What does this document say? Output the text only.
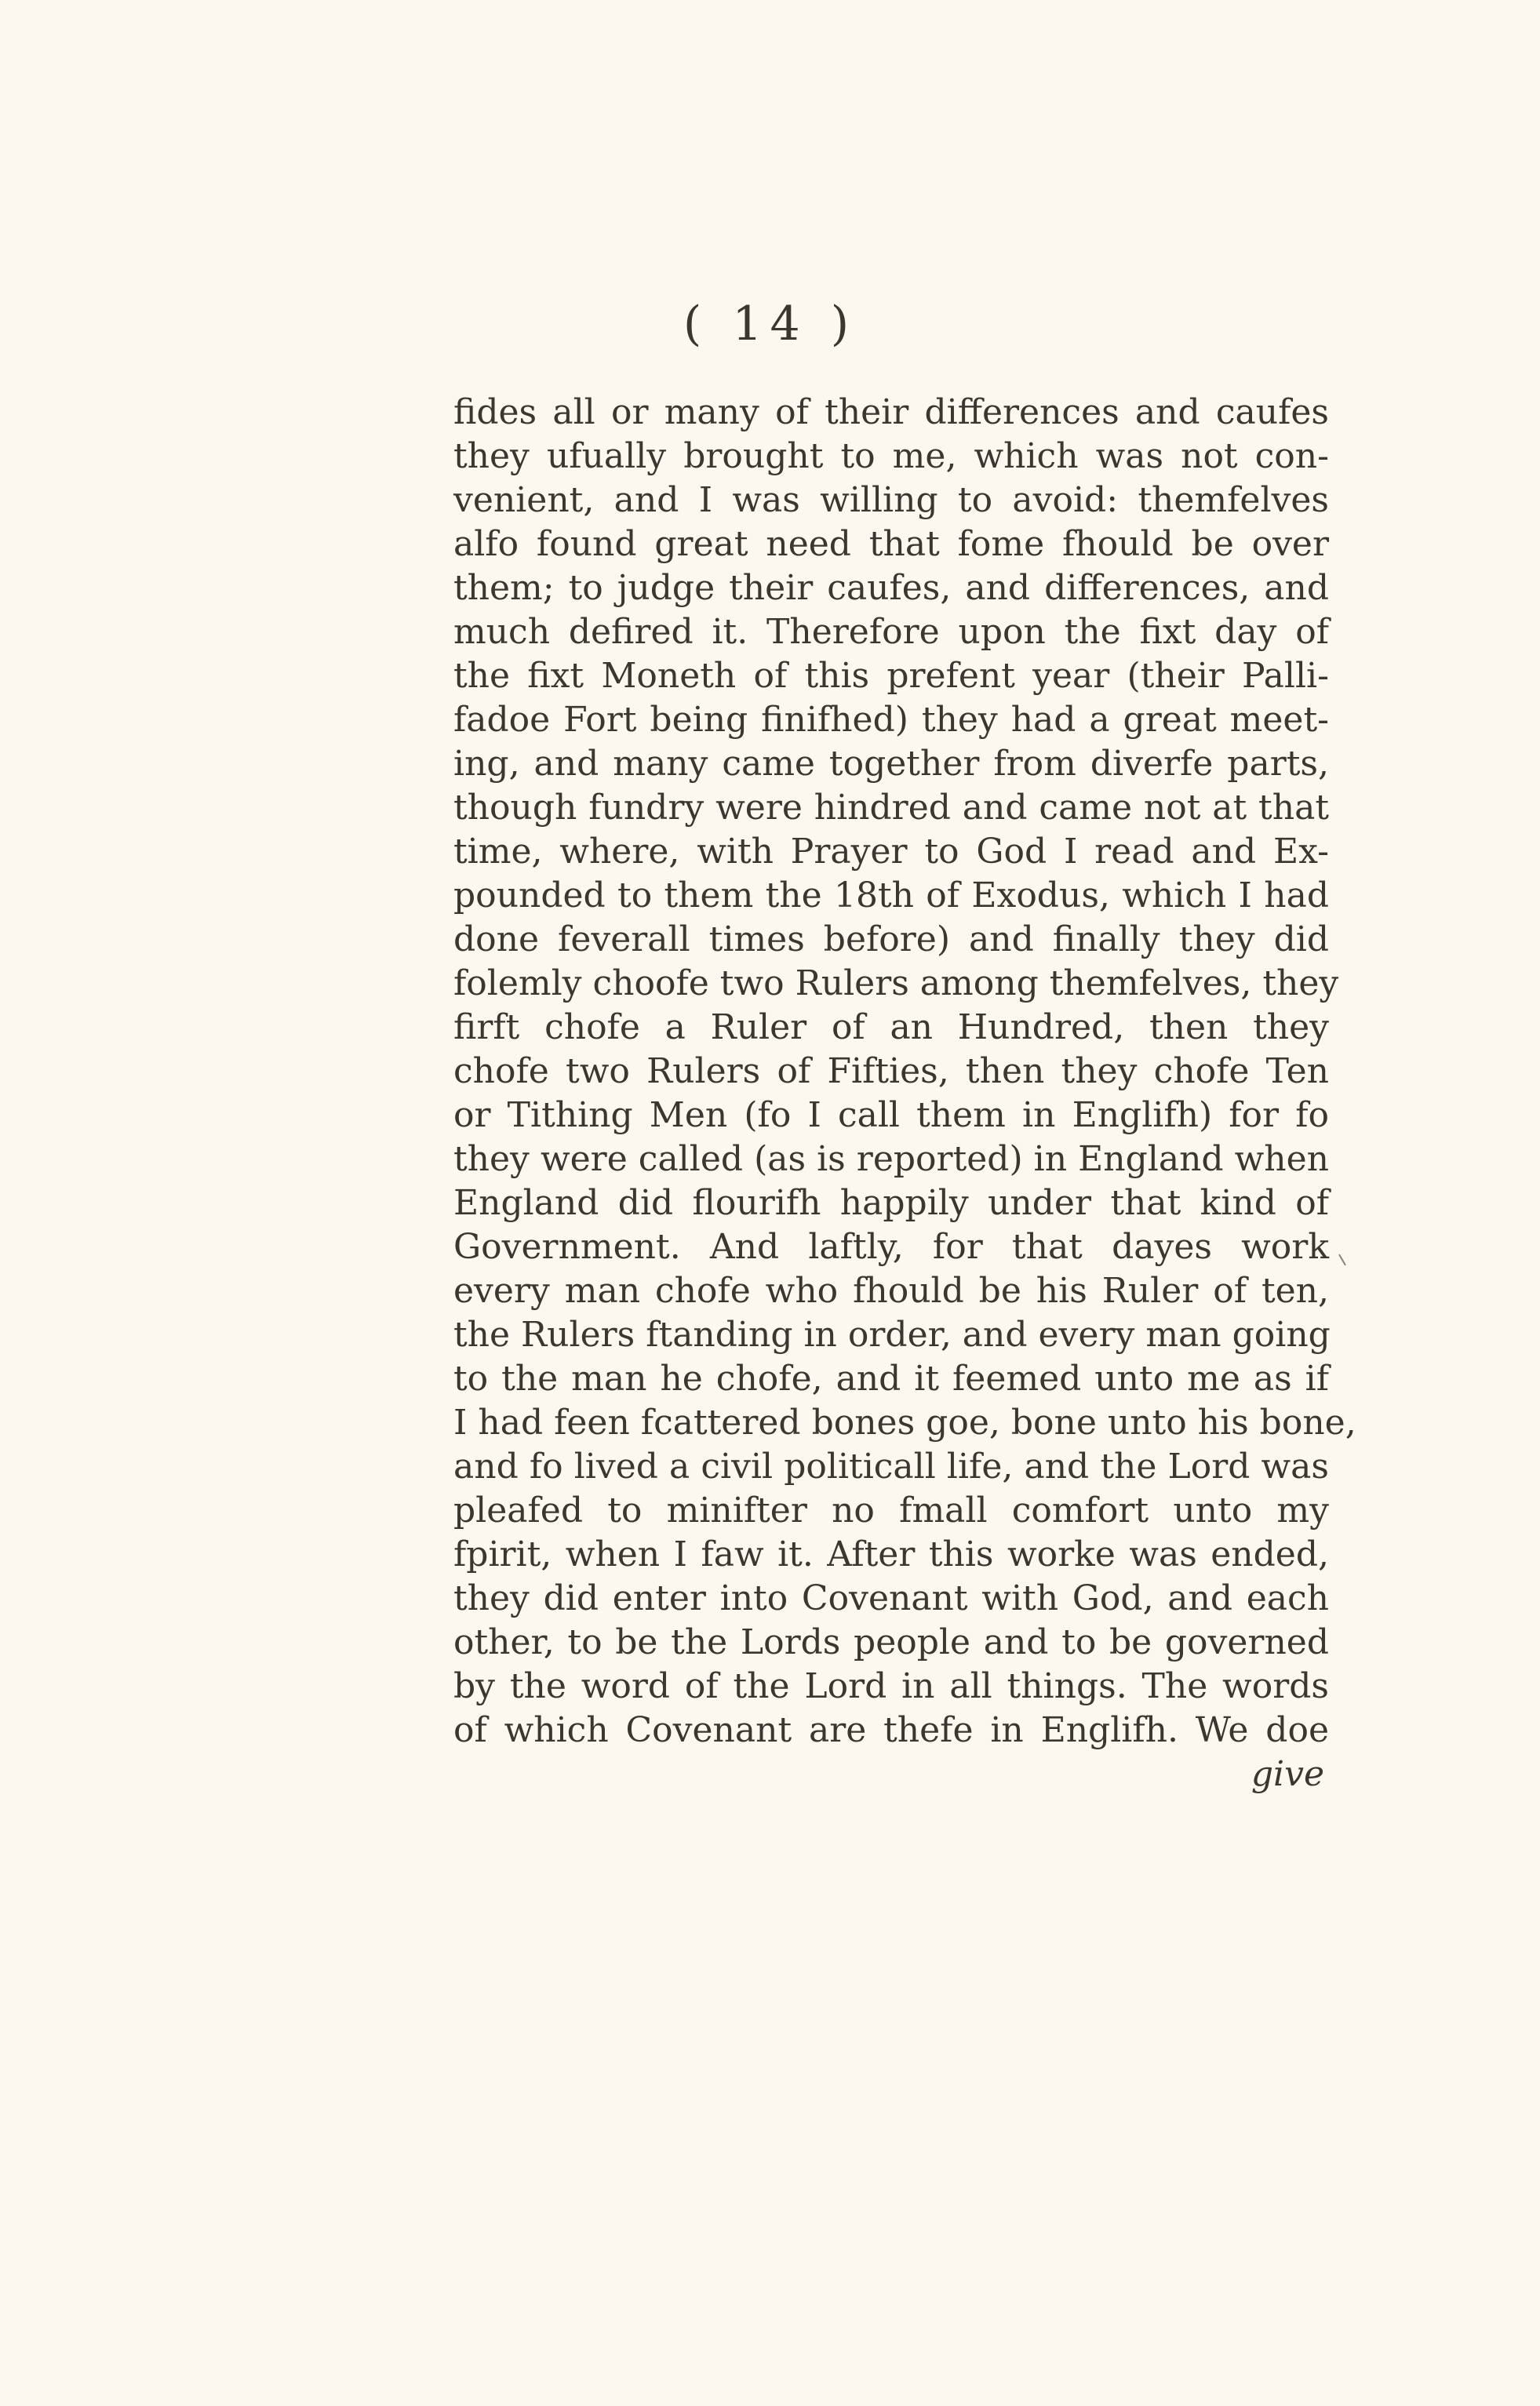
( 14 )
fides all or many of their differences and caufes
they ufually brought to me, which was not con-
venient, and I was willing to avoid: themfelves
alfo found great need that fome fhould be over
them; to judge their caufes, and differences, and
much defired it. Therefore upon the fixt day of
the fixt Moneth of this prefent year (their Palli-
fadoe Fort being finifhed) they had a great meet-
ing, and many came together from diverfe parts,
though fundry were hindred and came not at that
time, where, with Prayer to God I read and Ex-
pounded to them the 18th of Exodus, which I had
done feverall times before) and finally they did
folemly choofe two Rulers among themfelves, they
firft chofe a Ruler of an Hundred, then they
chofe two Rulers of Fifties, then they chofe Ten
or Tithing Men (fo I call them in Englifh) for fo
they were called (as is reported) in England when
England did flourifh happily under that kind of
Government. And laftly, for that dayes work
every man chofe who fhould be his Ruler of ten,
the Rulers ftanding in order, and every man going
to the man he chofe, and it feemed unto me as if
I had feen fcattered bones goe, bone unto his bone,
and fo lived a civil politicall life, and the Lord was
pleafed to minifter no fmall comfort unto my
fpirit, when I faw it. After this worke was ended,
they did enter into Covenant with God, and each
other, to be the Lords people and to be governed
by the word of the Lord in all things. The words
of which Covenant are thefe in Englifh. We doe
give
